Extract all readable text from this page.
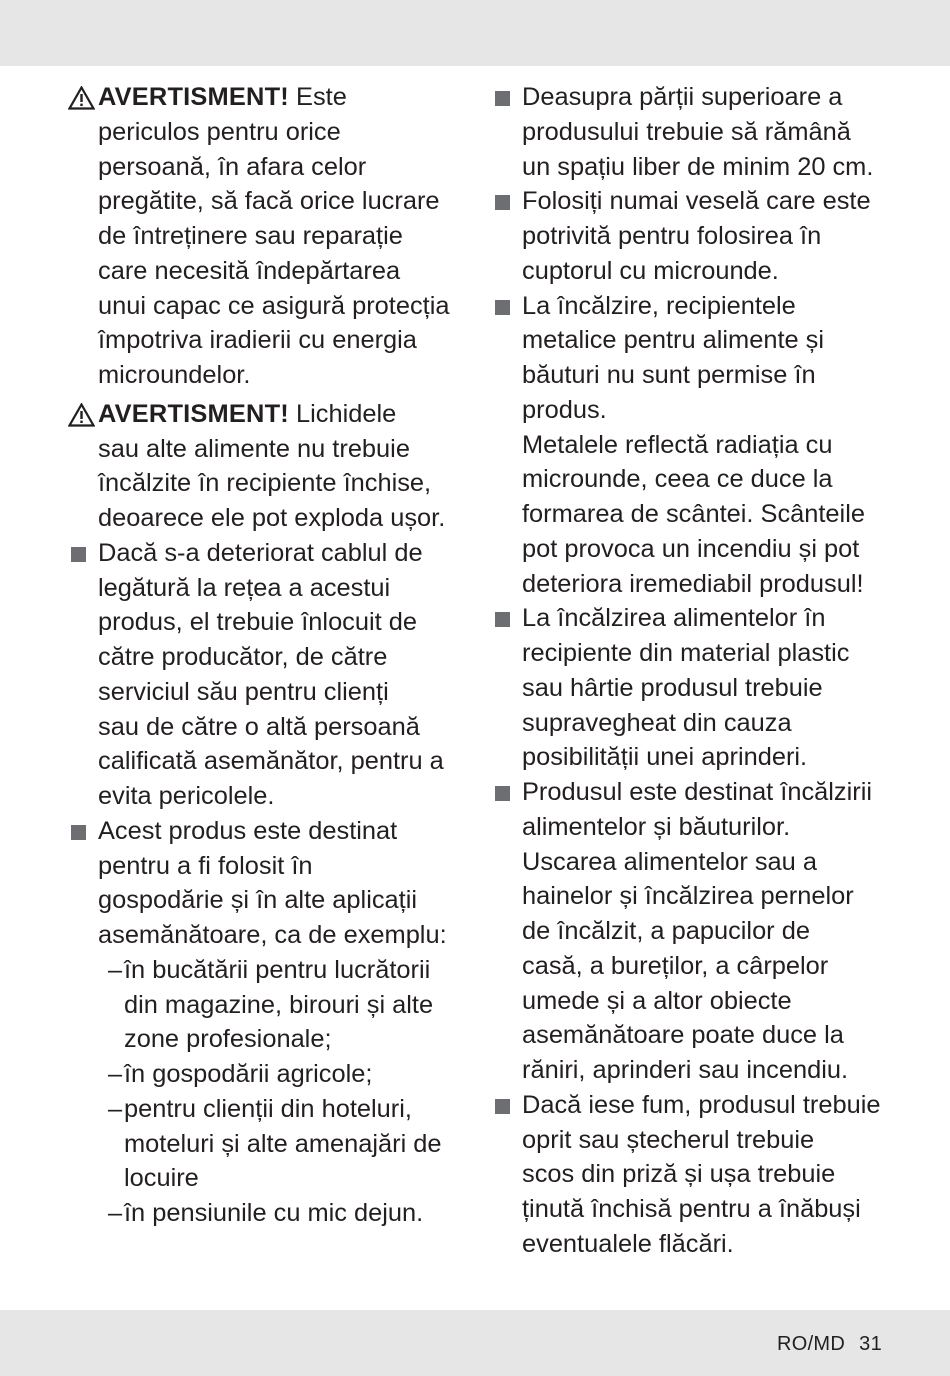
AVERTISMENT! Este
periculos pentru orice
persoană, în afara celor
pregătite, să facă orice lucrare
de întreținere sau reparație
care necesită îndepărtarea
unui capac ce asigură protecția
împotriva iradierii cu energia
microundelor.
AVERTISMENT! Lichidele
sau alte alimente nu trebuie
încălzite în recipiente închise,
deoarece ele pot exploda ușor.
Dacă s-a deteriorat cablul de
legătură la rețea a acestui
produs, el trebuie înlocuit de
către producător, de către
serviciul său pentru clienți
sau de către o altă persoană
calificată asemănător, pentru a
evita pericolele.
Acest produs este destinat
pentru a fi folosit în
gospodărie și în alte aplicații
asemănătoare, ca de exemplu:
– în bucătării pentru lucrătorii
din magazine, birouri și alte
zone profesionale;
– în gospodării agricole;
– pentru clienții din hoteluri,
moteluri și alte amenajări de
locuire
– în pensiunile cu mic dejun.
Deasupra părții superioare a
produsului trebuie să rămână
un spațiu liber de minim 20 cm.
Folosiți numai veselă care este
potrivită pentru folosirea în
cuptorul cu microunde.
La încălzire, recipientele
metalice pentru alimente și
băuturi nu sunt permise în
produs.
Metalele reflectă radiația cu
microunde, ceea ce duce la
formarea de scântei. Scânteile
pot provoca un incendiu și pot
deteriora iremediabil produsul!
La încălzirea alimentelor în
recipiente din material plastic
sau hârtie produsul trebuie
supravegheat din cauza
posibilității unei aprinderi.
Produsul este destinat încălzirii
alimentelor și băuturilor.
Uscarea alimentelor sau a
hainelor și încălzirea pernelor
de încălzit, a papucilor de
casă, a bureților, a cârpelor
umede și a altor obiecte
asemănătoare poate duce la
răniri, aprinderi sau incendiu.
Dacă iese fum, produsul trebuie
oprit sau ștecherul trebuie
scos din priză și ușa trebuie
ținută închisă pentru a înăbuși
eventualele flăcări.
RO/MD 31
